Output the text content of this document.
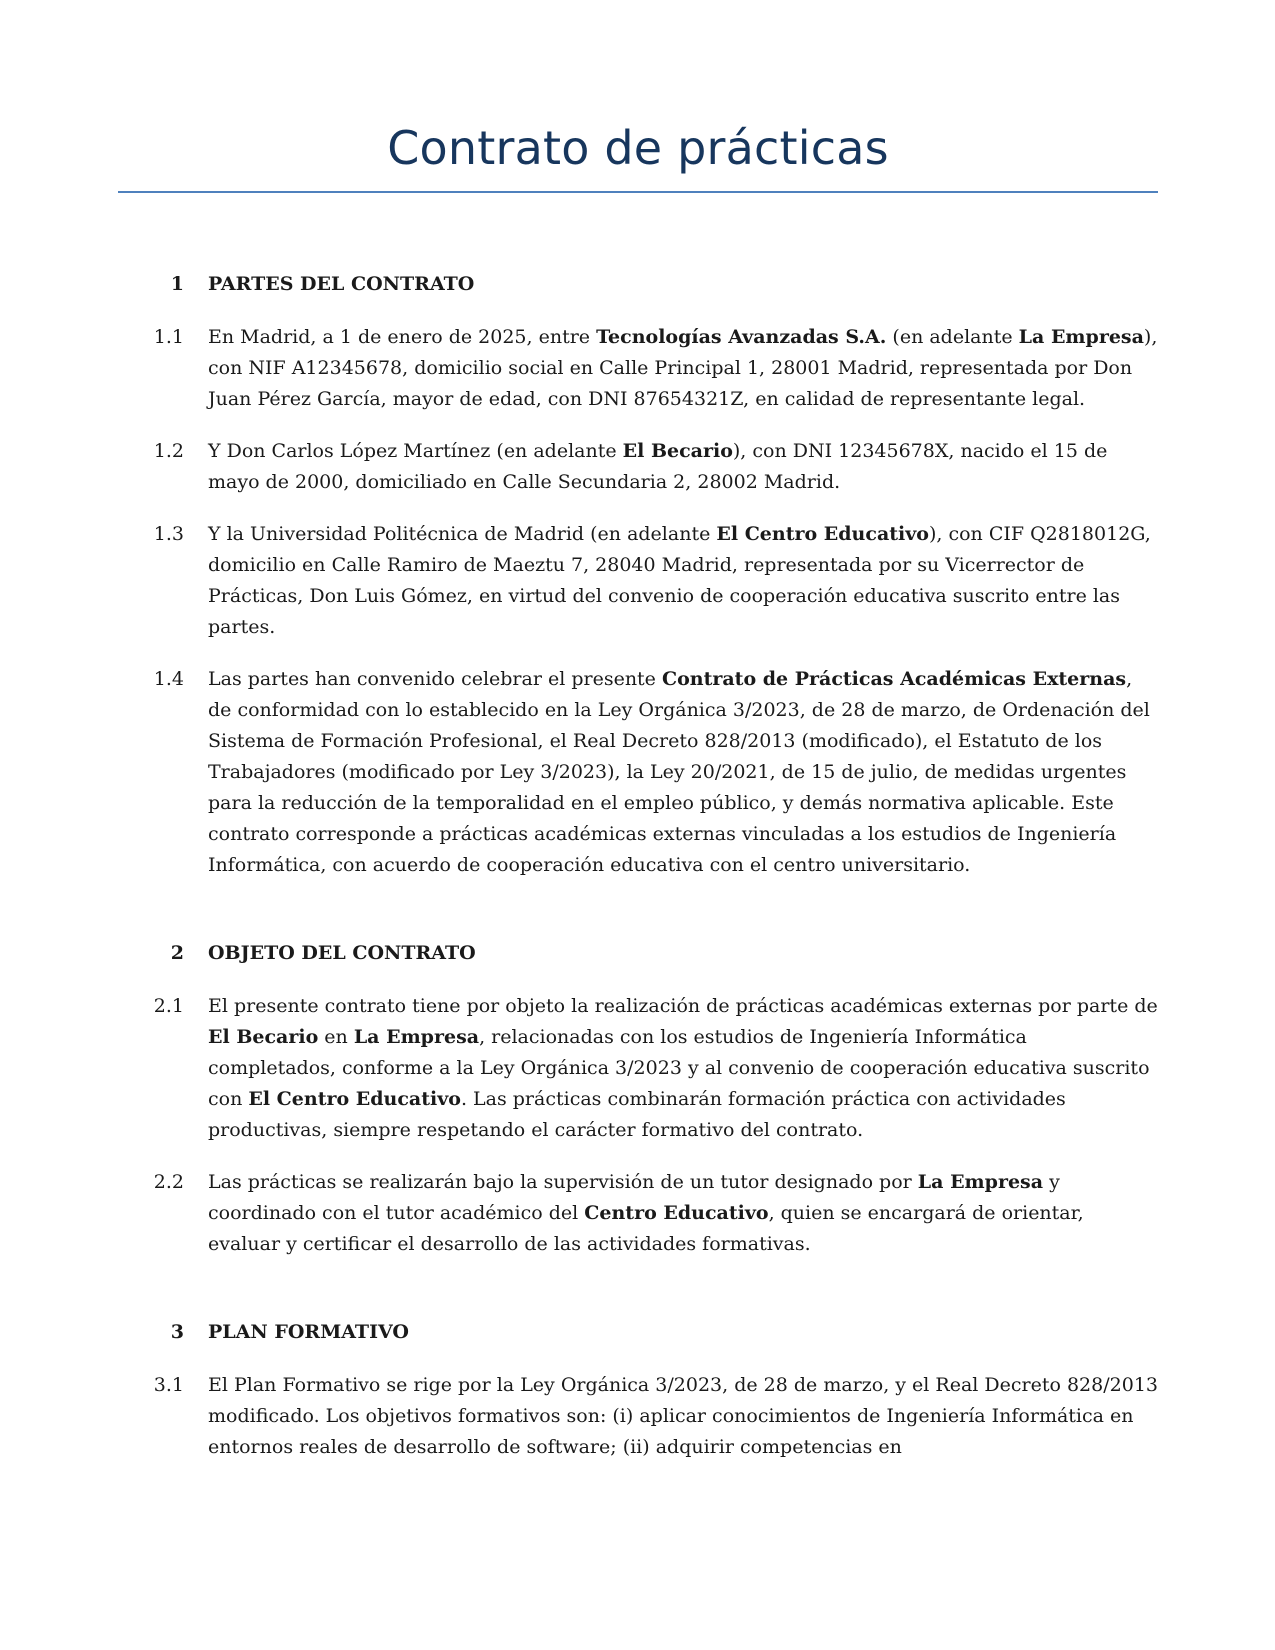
Contrato de prácticas
1 PARTES DEL CONTRATO
1.1 En Madrid, a 1 de enero de 2025, entre Tecnologías Avanzadas S.A. (en adelante La Empresa), con NIF A12345678, domicilio social en Calle Principal 1, 28001 Madrid, representada por Don Juan Pérez García, mayor de edad, con DNI 87654321Z, en calidad de representante legal.
1.2 Y Don Carlos López Martínez (en adelante El Becario), con DNI 12345678X, nacido el 15 de mayo de 2000, domiciliado en Calle Secundaria 2, 28002 Madrid.
1.3 Y la Universidad Politécnica de Madrid (en adelante El Centro Educativo), con CIF Q2818012G, domicilio en Calle Ramiro de Maeztu 7, 28040 Madrid, representada por su Vicerrector de Prácticas, Don Luis Gómez, en virtud del convenio de cooperación educativa suscrito entre las partes.
1.4 Las partes han convenido celebrar el presente Contrato de Prácticas Académicas Externas, de conformidad con lo establecido en la Ley Orgánica 3/2023, de 28 de marzo, de Ordenación del Sistema de Formación Profesional, el Real Decreto 828/2013 (modificado), el Estatuto de los Trabajadores (modificado por Ley 3/2023), la Ley 20/2021, de 15 de julio, de medidas urgentes para la reducción de la temporalidad en el empleo público, y demás normativa aplicable. Este contrato corresponde a prácticas académicas externas vinculadas a los estudios de Ingeniería Informática, con acuerdo de cooperación educativa con el centro universitario.
2 OBJETO DEL CONTRATO
2.1 El presente contrato tiene por objeto la realización de prácticas académicas externas por parte de El Becario en La Empresa, relacionadas con los estudios de Ingeniería Informática completados, conforme a la Ley Orgánica 3/2023 y al convenio de cooperación educativa suscrito con El Centro Educativo. Las prácticas combinarán formación práctica con actividades productivas, siempre respetando el carácter formativo del contrato.
2.2 Las prácticas se realizarán bajo la supervisión de un tutor designado por La Empresa y coordinado con el tutor académico del Centro Educativo, quien se encargará de orientar, evaluar y certificar el desarrollo de las actividades formativas.
3 PLAN FORMATIVO
3.1 El Plan Formativo se rige por la Ley Orgánica 3/2023, de 28 de marzo, y el Real Decreto 828/2013 modificado. Los objetivos formativos son: (i) aplicar conocimientos de Ingeniería Informática en entornos reales de desarrollo de software; (ii) adquirir competencias en
